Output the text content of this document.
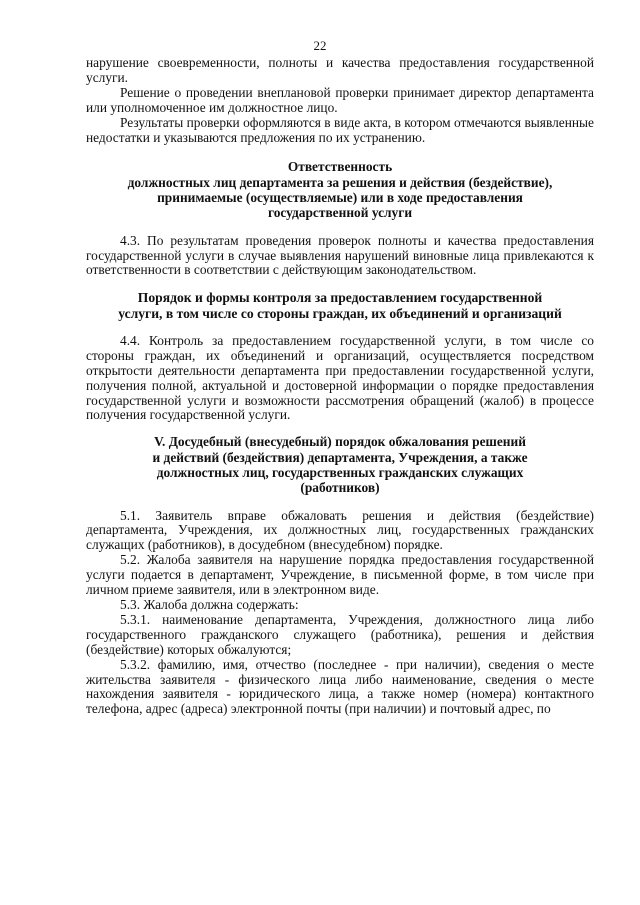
22

нарушение своевременности, полноты и качества предоставления государственной услуги.

Решение о проведении внеплановой проверки принимает директор департамента или уполномоченное им должностное лицо.

Результаты проверки оформляются в виде акта, в котором отмечаются выявленные недостатки и указываются предложения по их устранению.

Ответственность
должностных лиц департамента за решения и действия (бездействие),
принимаемые (осуществляемые) или в ходе предоставления
государственной услуги

4.3. По результатам проведения проверок полноты и качества предоставления государственной услуги в случае выявления нарушений виновные лица привлекаются к ответственности в соответствии с действующим законодательством.

Порядок и формы контроля за предоставлением государственной
услуги, в том числе со стороны граждан, их объединений и организаций

4.4. Контроль за предоставлением государственной услуги, в том числе со стороны граждан, их объединений и организаций, осуществляется посредством открытости деятельности департамента при предоставлении государственной услуги, получения полной, актуальной и достоверной информации о порядке предоставления государственной услуги и возможности рассмотрения обращений (жалоб) в процессе получения государственной услуги.

V. Досудебный (внесудебный) порядок обжалования решений
и действий (бездействия) департамента, Учреждения, а также
должностных лиц, государственных гражданских служащих
(работников)

5.1. Заявитель вправе обжаловать решения и действия (бездействие) департамента, Учреждения, их должностных лиц, государственных гражданских служащих (работников), в досудебном (внесудебном) порядке.

5.2. Жалоба заявителя на нарушение порядка предоставления государственной услуги подается в департамент, Учреждение, в письменной форме, в том числе при личном приеме заявителя, или в электронном виде.

5.3. Жалоба должна содержать:

5.3.1. наименование департамента, Учреждения, должностного лица либо государственного гражданского служащего (работника), решения и действия (бездействие) которых обжалуются;

5.3.2. фамилию, имя, отчество (последнее - при наличии), сведения о месте жительства заявителя - физического лица либо наименование, сведения о месте нахождения заявителя - юридического лица, а также номер (номера) контактного телефона, адрес (адреса) электронной почты (при наличии) и почтовый адрес, по
